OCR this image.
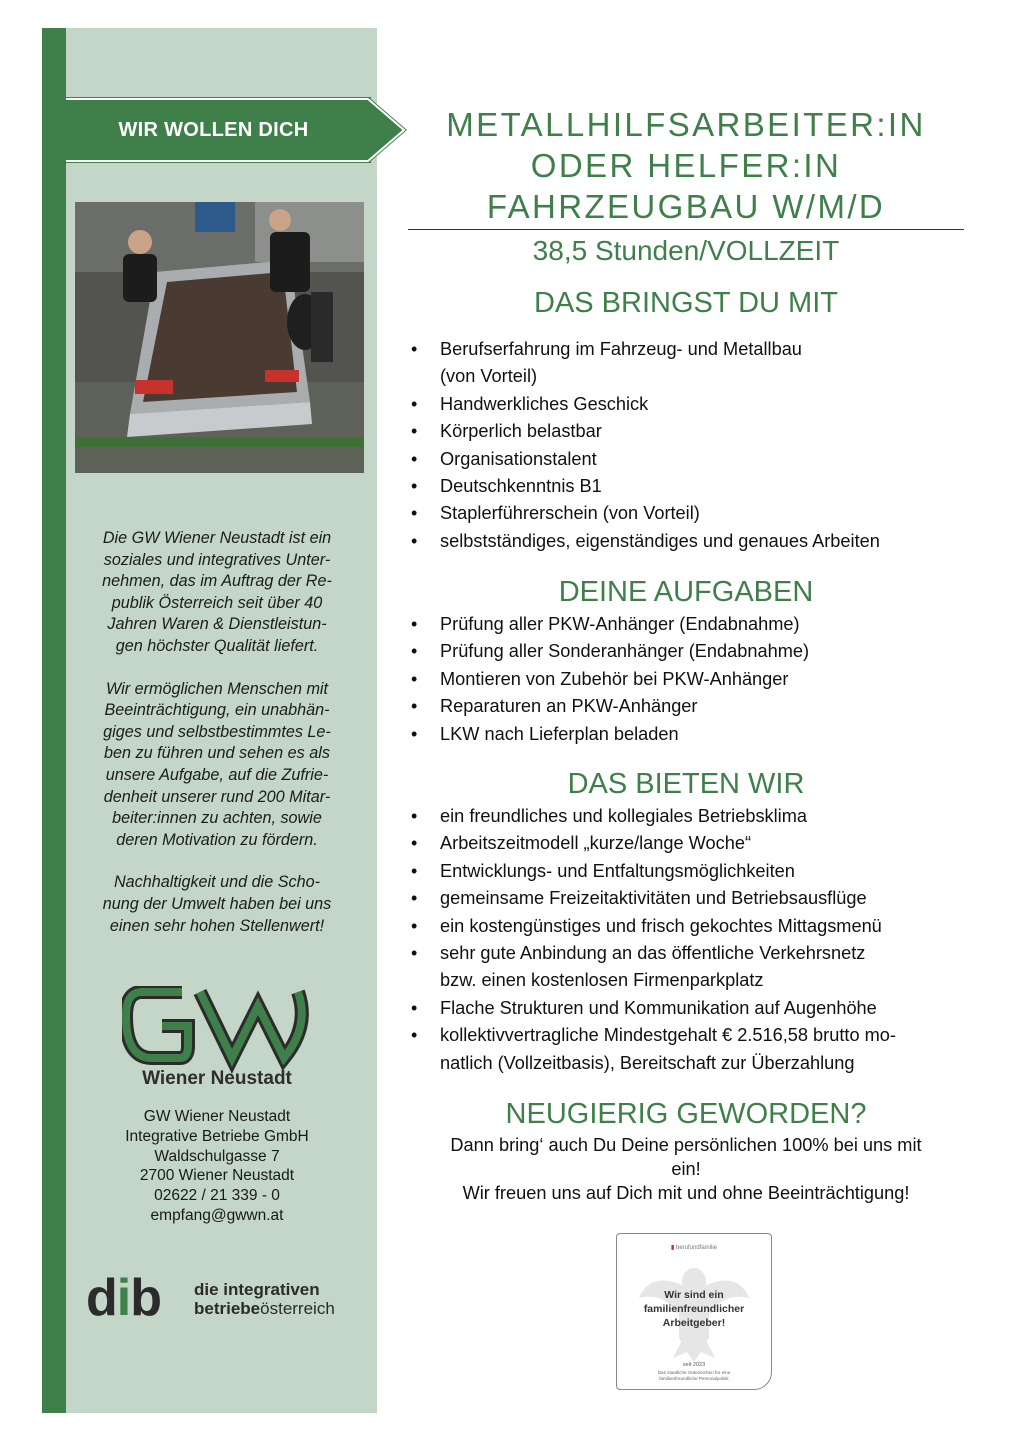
WIR WOLLEN DICH

Die GW Wiener Neustadt ist ein
soziales und integratives Unter-
nehmen, das im Auftrag der Re-
publik Österreich seit über 40
Jahren Waren & Dienstleistun-
gen höchster Qualität liefert.

Wir ermöglichen Menschen mit
Beeinträchtigung, ein unabhän-
giges und selbstbestimmtes Le-
ben zu führen und sehen es als
unsere Aufgabe, auf die Zufrie-
denheit unserer rund 200 Mitar-
beiter:innen zu achten, sowie
deren Motivation zu fördern.

Nachhaltigkeit und die Scho-
nung der Umwelt haben bei uns
einen sehr hohen Stellenwert!

Wiener Neustadt
GW Wiener Neustadt
Integrative Betriebe GmbH
Waldschulgasse 7
2700 Wiener Neustadt
02622 / 21 339 - 0
empfang@gwwn.at
dib die integrativen
betriebeösterreich
METALLHILFSARBEITER:IN
ODER HELFER:IN
FAHRZEUGBAU W/M/D
38,5 Stunden/VOLLZEIT
DAS BRINGST DU MIT
• Berufserfahrung im Fahrzeug- und Metallbau
(von Vorteil)
• Handwerkliches Geschick
• Körperlich belastbar
• Organisationstalent
• Deutschkenntnis B1
• Staplerführerschein (von Vorteil)
• selbstständiges, eigenständiges und genaues Arbeiten
DEINE AUFGABEN
• Prüfung aller PKW-Anhänger (Endabnahme)
• Prüfung aller Sonderanhänger (Endabnahme)
• Montieren von Zubehör bei PKW-Anhänger
• Reparaturen an PKW-Anhänger
• LKW nach Lieferplan beladen
DAS BIETEN WIR
• ein freundliches und kollegiales Betriebsklima
• Arbeitszeitmodell „kurze/lange Woche“
• Entwicklungs- und Entfaltungsmöglichkeiten
• gemeinsame Freizeitaktivitäten und Betriebsausflüge
• ein kostengünstiges und frisch gekochtes Mittagsmenü
• sehr gute Anbindung an das öffentliche Verkehrsnetz
bzw. einen kostenlosen Firmenparkplatz
• Flache Strukturen und Kommunikation auf Augenhöhe
• kollektivvertragliche Mindestgehalt € 2.516,58 brutto mo-
natlich (Vollzeitbasis), Bereitschaft zur Überzahlung
NEUGIERIG GEWORDEN?
Dann bring‘ auch Du Deine persönlichen 100% bei uns mit
ein!
Wir freuen uns auf Dich mit und ohne Beeinträchtigung!
▮ berufundfamilie
Wir sind ein
familienfreundlicher
Arbeitgeber!
seit 2023
Das staatliche Gütezeichen für eine
familienfreundliche Personalpolitik
